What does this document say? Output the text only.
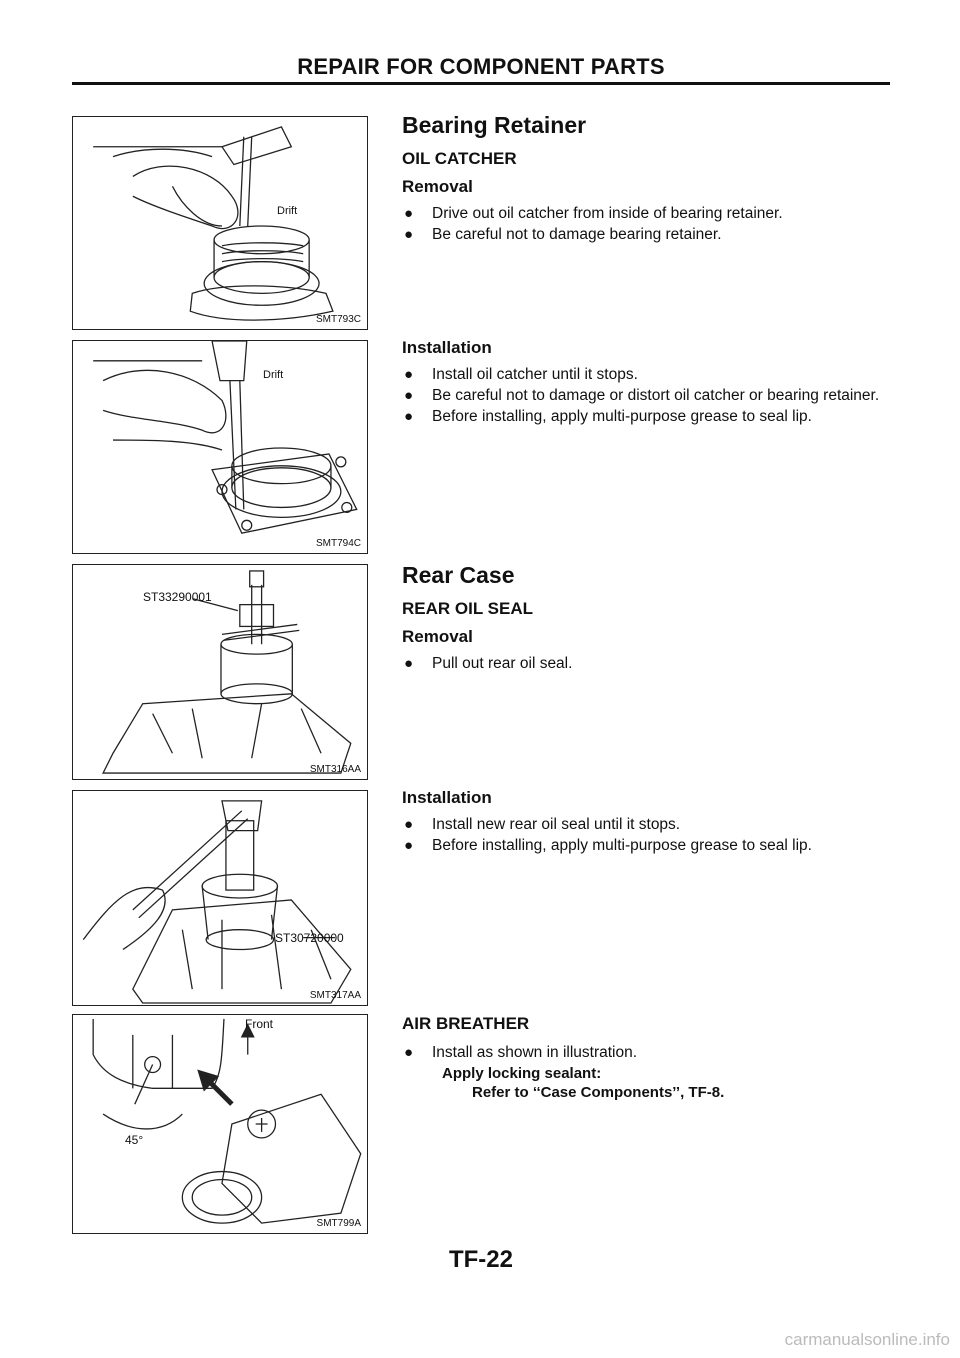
REPAIR FOR COMPONENT PARTS
Drift
SMT793C
Drift
SMT794C
ST33290001
SMT316AA
ST30720000
SMT317AA
Front
45°
SMT799A
Bearing Retainer
OIL CATCHER
Removal
● Drive out oil catcher from inside of bearing retainer.
● Be careful not to damage bearing retainer.
Installation
● Install oil catcher until it stops.
● Be careful not to damage or distort oil catcher or bearing retainer.
● Before installing, apply multi-purpose grease to seal lip.
Rear Case
REAR OIL SEAL
Removal
● Pull out rear oil seal.
Installation
● Install new rear oil seal until it stops.
● Before installing, apply multi-purpose grease to seal lip.
AIR BREATHER
● Install as shown in illustration.
Apply locking sealant:
Refer to ‘‘Case Components’’, TF-8.
TF-22
carmanualsonline.info
